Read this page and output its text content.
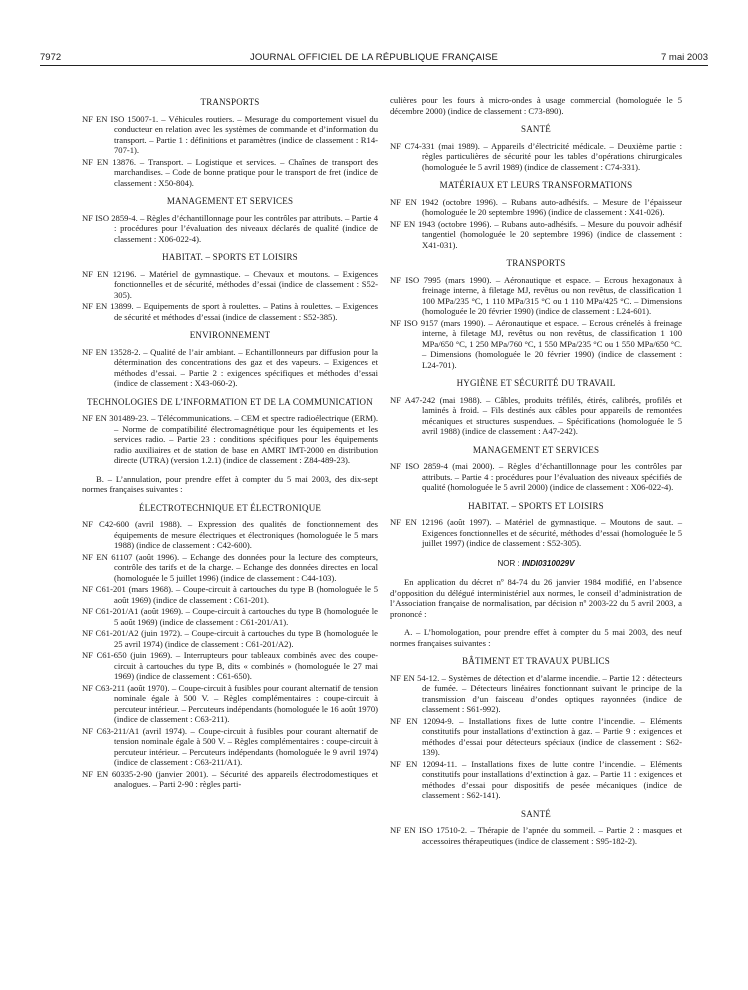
7972	JOURNAL OFFICIEL DE LA RÉPUBLIQUE FRANÇAISE	7 mai 2003
TRANSPORTS
NF EN ISO 15007-1. – Véhicules routiers. – Mesurage du comportement visuel du conducteur en relation avec les systèmes de commande et d’information du transport. – Partie 1 : définitions et paramètres (indice de classement : R14-707-1).
NF EN 13876. – Transport. – Logistique et services. – Chaînes de transport des marchandises. – Code de bonne pratique pour le transport de fret (indice de classement : X50-804).
MANAGEMENT ET SERVICES
NF ISO 2859-4. – Règles d’échantillonnage pour les contrôles par attributs. – Partie 4 : procédures pour l’évaluation des niveaux déclarés de qualité (indice de classement : X06-022-4).
HABITAT. – SPORTS ET LOISIRS
NF EN 12196. – Matériel de gymnastique. – Chevaux et moutons. – Exigences fonctionnelles et de sécurité, méthodes d’essai (indice de classement : S52-305).
NF EN 13899. – Equipements de sport à roulettes. – Patins à roulettes. – Exigences de sécurité et méthodes d’essai (indice de classement : S52-385).
ENVIRONNEMENT
NF EN 13528-2. – Qualité de l’air ambiant. – Echantillonneurs par diffusion pour la détermination des concentrations des gaz et des vapeurs. – Exigences et méthodes d’essai. – Partie 2 : exigences spécifiques et méthodes d’essai (indice de classement : X43-060-2).
TECHNOLOGIES DE L’INFORMATION ET DE LA COMMUNICATION
NF EN 301489-23. – Télécommunications. – CEM et spectre radioélectrique (ERM). – Norme de compatibilité électromagnétique pour les équipements et les services radio. – Partie 23 : conditions spécifiques pour les équipements radio auxiliaires et de station de base en AMRT IMT-2000 en distribution directe (UTRA) (version 1.2.1) (indice de classement : Z84-489-23).
B. – L’annulation, pour prendre effet à compter du 5 mai 2003, des dix-sept normes françaises suivantes :
ÉLECTROTECHNIQUE ET ÉLECTRONIQUE
NF C42-600 (avril 1988). – Expression des qualités de fonctionnement des équipements de mesure électriques et électroniques (homologuée le 5 mars 1988) (indice de classement : C42-600).
NF EN 61107 (août 1996). – Echange des données pour la lecture des compteurs, contrôle des tarifs et de la charge. – Echange des données directes en local (homologuée le 5 juillet 1996) (indice de classement : C44-103).
NF C61-201 (mars 1968). – Coupe-circuit à cartouches du type B (homologuée le 5 août 1969) (indice de classement : C61-201).
NF C61-201/A1 (août 1969). – Coupe-circuit à cartouches du type B (homologuée le 5 août 1969) (indice de classement : C61-201/A1).
NF C61-201/A2 (juin 1972). – Coupe-circuit à cartouches du type B (homologuée le 25 avril 1974) (indice de classement : C61-201/A2).
NF C61-650 (juin 1969). – Interrupteurs pour tableaux combinés avec des coupe-circuit à cartouches du type B, dits « combinés » (homologuée le 27 mai 1969) (indice de classement : C61-650).
NF C63-211 (août 1970). – Coupe-circuit à fusibles pour courant alternatif de tension nominale égale à 500 V. – Règles complémentaires : coupe-circuit à percuteur intérieur. – Percuteurs indépendants (homologuée le 16 août 1970) (indice de classement : C63-211).
NF C63-211/A1 (avril 1974). – Coupe-circuit à fusibles pour courant alternatif de tension nominale égale à 500 V. – Règles complémentaires : coupe-circuit à percuteur intérieur. – Percuteurs indépendants (homologuée le 9 avril 1974) (indice de classement : C63-211/A1).
NF EN 60335-2-90 (janvier 2001). – Sécurité des appareils électrodomestiques et analogues. – Parti 2-90 : règles parti-
culières pour les fours à micro-ondes à usage commercial (homologuée le 5 décembre 2000) (indice de classement : C73-890).
SANTÉ
NF C74-331 (mai 1989). – Appareils d’électricité médicale. – Deuxième partie : règles particulières de sécurité pour les tables d’opérations chirurgicales (homologuée le 5 avril 1989) (indice de classement : C74-331).
MATÉRIAUX ET LEURS TRANSFORMATIONS
NF EN 1942 (octobre 1996). – Rubans auto-adhésifs. – Mesure de l’épaisseur (homologuée le 20 septembre 1996) (indice de classement : X41-026).
NF EN 1943 (octobre 1996). – Rubans auto-adhésifs. – Mesure du pouvoir adhésif tangentiel (homologuée le 20 septembre 1996) (indice de classement : X41-031).
TRANSPORTS
NF ISO 7995 (mars 1990). – Aéronautique et espace. – Ecrous hexagonaux à freinage interne, à filetage MJ, revêtus ou non revêtus, de classification 1 100 MPa/235 °C, 1 110 MPa/315 °C ou 1 110 MPa/425 °C. – Dimensions (homologuée le 20 février 1990) (indice de classement : L24-601).
NF ISO 9157 (mars 1990). – Aéronautique et espace. – Ecrous crénelés à freinage interne, à filetage MJ, revêtus ou non revêtus, de classification 1 100 MPa/650 °C, 1 250 MPa/760 °C, 1 550 MPa/235 °C ou 1 550 MPa/650 °C. – Dimensions (homologuée le 20 février 1990) (indice de classement : L24-701).
HYGIÈNE ET SÉCURITÉ DU TRAVAIL
NF A47-242 (mai 1988). – Câbles, produits tréfilés, étirés, calibrés, profilés et laminés à froid. – Fils destinés aux câbles pour appareils de remontées mécaniques et structures suspendues. – Spécifications (homologuée le 5 avril 1988) (indice de classement : A47-242).
MANAGEMENT ET SERVICES
NF ISO 2859-4 (mai 2000). – Règles d’échantillonnage pour les contrôles par attributs. – Partie 4 : procédures pour l’évaluation des niveaux spécifiés de qualité (homologuée le 5 avril 2000) (indice de classement : X06-022-4).
HABITAT. – SPORTS ET LOISIRS
NF EN 12196 (août 1997). – Matériel de gymnastique. – Moutons de saut. – Exigences fonctionnelles et de sécurité, méthodes d’essai (homologuée le 5 juillet 1997) (indice de classement : S52-305).
NOR : INDI0310029V
En application du décret nº 84-74 du 26 janvier 1984 modifié, en l’absence d’opposition du délégué interministériel aux normes, le conseil d’administration de l’Association française de normalisation, par décision nº 2003-22 du 5 avril 2003, a prononcé :
A. – L’homologation, pour prendre effet à compter du 5 mai 2003, des neuf normes françaises suivantes :
BÂTIMENT ET TRAVAUX PUBLICS
NF EN 54-12. – Systèmes de détection et d’alarme incendie. – Partie 12 : détecteurs de fumée. – Détecteurs linéaires fonctionnant suivant le principe de la transmission d’un faisceau d’ondes optiques rayonnées (indice de classement : S61-992).
NF EN 12094-9. – Installations fixes de lutte contre l’incendie. – Eléments constitutifs pour installations d’extinction à gaz. – Partie 9 : exigences et méthodes d’essai pour détecteurs spéciaux (indice de classement : S62-139).
NF EN 12094-11. – Installations fixes de lutte contre l’incendie. – Eléments constitutifs pour installations d’extinction à gaz. – Partie 11 : exigences et méthodes d’essai pour dispositifs de pesée mécaniques (indice de classement : S62-141).
SANTÉ
NF EN ISO 17510-2. – Thérapie de l’apnée du sommeil. – Partie 2 : masques et accessoires thérapeutiques (indice de classement : S95-182-2).
